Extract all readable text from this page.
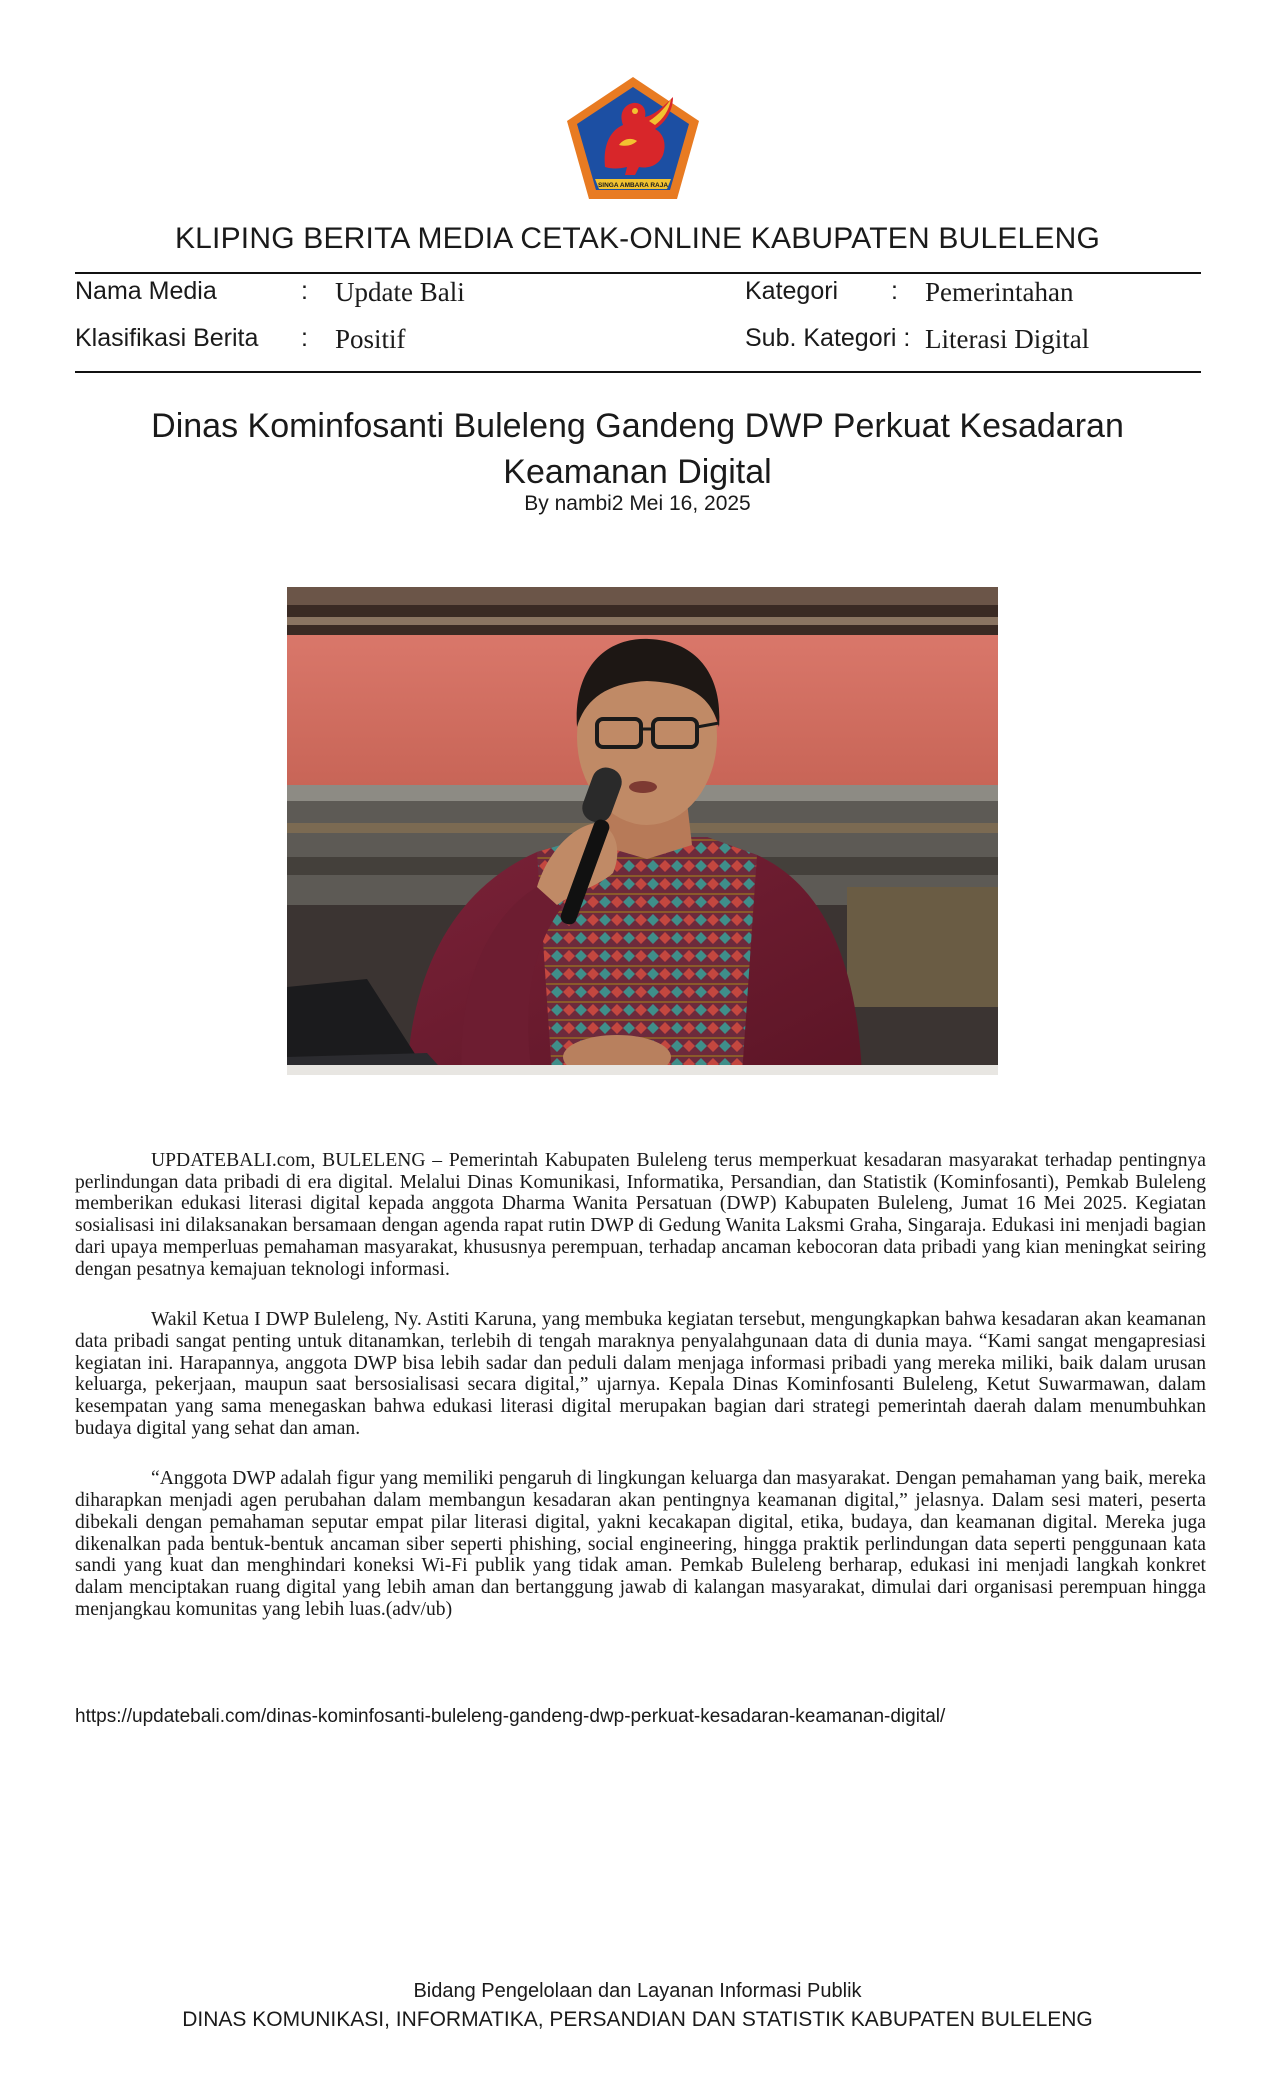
SINGA AMBARA RAJA
KLIPING BERITA MEDIA CETAK-ONLINE KABUPATEN BULELENG
Nama Media	: Update Bali	Kategori : Pemerintahan
Klasifikasi Berita : Positif	Sub. Kategori : Literasi Digital
Dinas Kominfosanti Buleleng Gandeng DWP Perkuat Kesadaran Keamanan Digital
By nambi2 Mei 16, 2025

UPDATEBALI.com, BULELENG – Pemerintah Kabupaten Buleleng terus memperkuat kesadaran masyarakat terhadap pentingnya perlindungan data pribadi di era digital. Melalui Dinas Komunikasi, Informatika, Persandian, dan Statistik (Kominfosanti), Pemkab Buleleng memberikan edukasi literasi digital kepada anggota Dharma Wanita Persatuan (DWP) Kabupaten Buleleng, Jumat 16 Mei 2025. Kegiatan sosialisasi ini dilaksanakan bersamaan dengan agenda rapat rutin DWP di Gedung Wanita Laksmi Graha, Singaraja. Edukasi ini menjadi bagian dari upaya memperluas pemahaman masyarakat, khususnya perempuan, terhadap ancaman kebocoran data pribadi yang kian meningkat seiring dengan pesatnya kemajuan teknologi informasi.

Wakil Ketua I DWP Buleleng, Ny. Astiti Karuna, yang membuka kegiatan tersebut, mengungkapkan bahwa kesadaran akan keamanan data pribadi sangat penting untuk ditanamkan, terlebih di tengah maraknya penyalahgunaan data di dunia maya. “Kami sangat mengapresiasi kegiatan ini. Harapannya, anggota DWP bisa lebih sadar dan peduli dalam menjaga informasi pribadi yang mereka miliki, baik dalam urusan keluarga, pekerjaan, maupun saat bersosialisasi secara digital,” ujarnya. Kepala Dinas Kominfosanti Buleleng, Ketut Suwarmawan, dalam kesempatan yang sama menegaskan bahwa edukasi literasi digital merupakan bagian dari strategi pemerintah daerah dalam menumbuhkan budaya digital yang sehat dan aman.

“Anggota DWP adalah figur yang memiliki pengaruh di lingkungan keluarga dan masyarakat. Dengan pemahaman yang baik, mereka diharapkan menjadi agen perubahan dalam membangun kesadaran akan pentingnya keamanan digital,” jelasnya. Dalam sesi materi, peserta dibekali dengan pemahaman seputar empat pilar literasi digital, yakni kecakapan digital, etika, budaya, dan keamanan digital. Mereka juga dikenalkan pada bentuk-bentuk ancaman siber seperti phishing, social engineering, hingga praktik perlindungan data seperti penggunaan kata sandi yang kuat dan menghindari koneksi Wi-Fi publik yang tidak aman. Pemkab Buleleng berharap, edukasi ini menjadi langkah konkret dalam menciptakan ruang digital yang lebih aman dan bertanggung jawab di kalangan masyarakat, dimulai dari organisasi perempuan hingga menjangkau komunitas yang lebih luas.(adv/ub)

https://updatebali.com/dinas-kominfosanti-buleleng-gandeng-dwp-perkuat-kesadaran-keamanan-digital/
Bidang Pengelolaan dan Layanan Informasi Publik
DINAS KOMUNIKASI, INFORMATIKA, PERSANDIAN DAN STATISTIK KABUPATEN BULELENG
